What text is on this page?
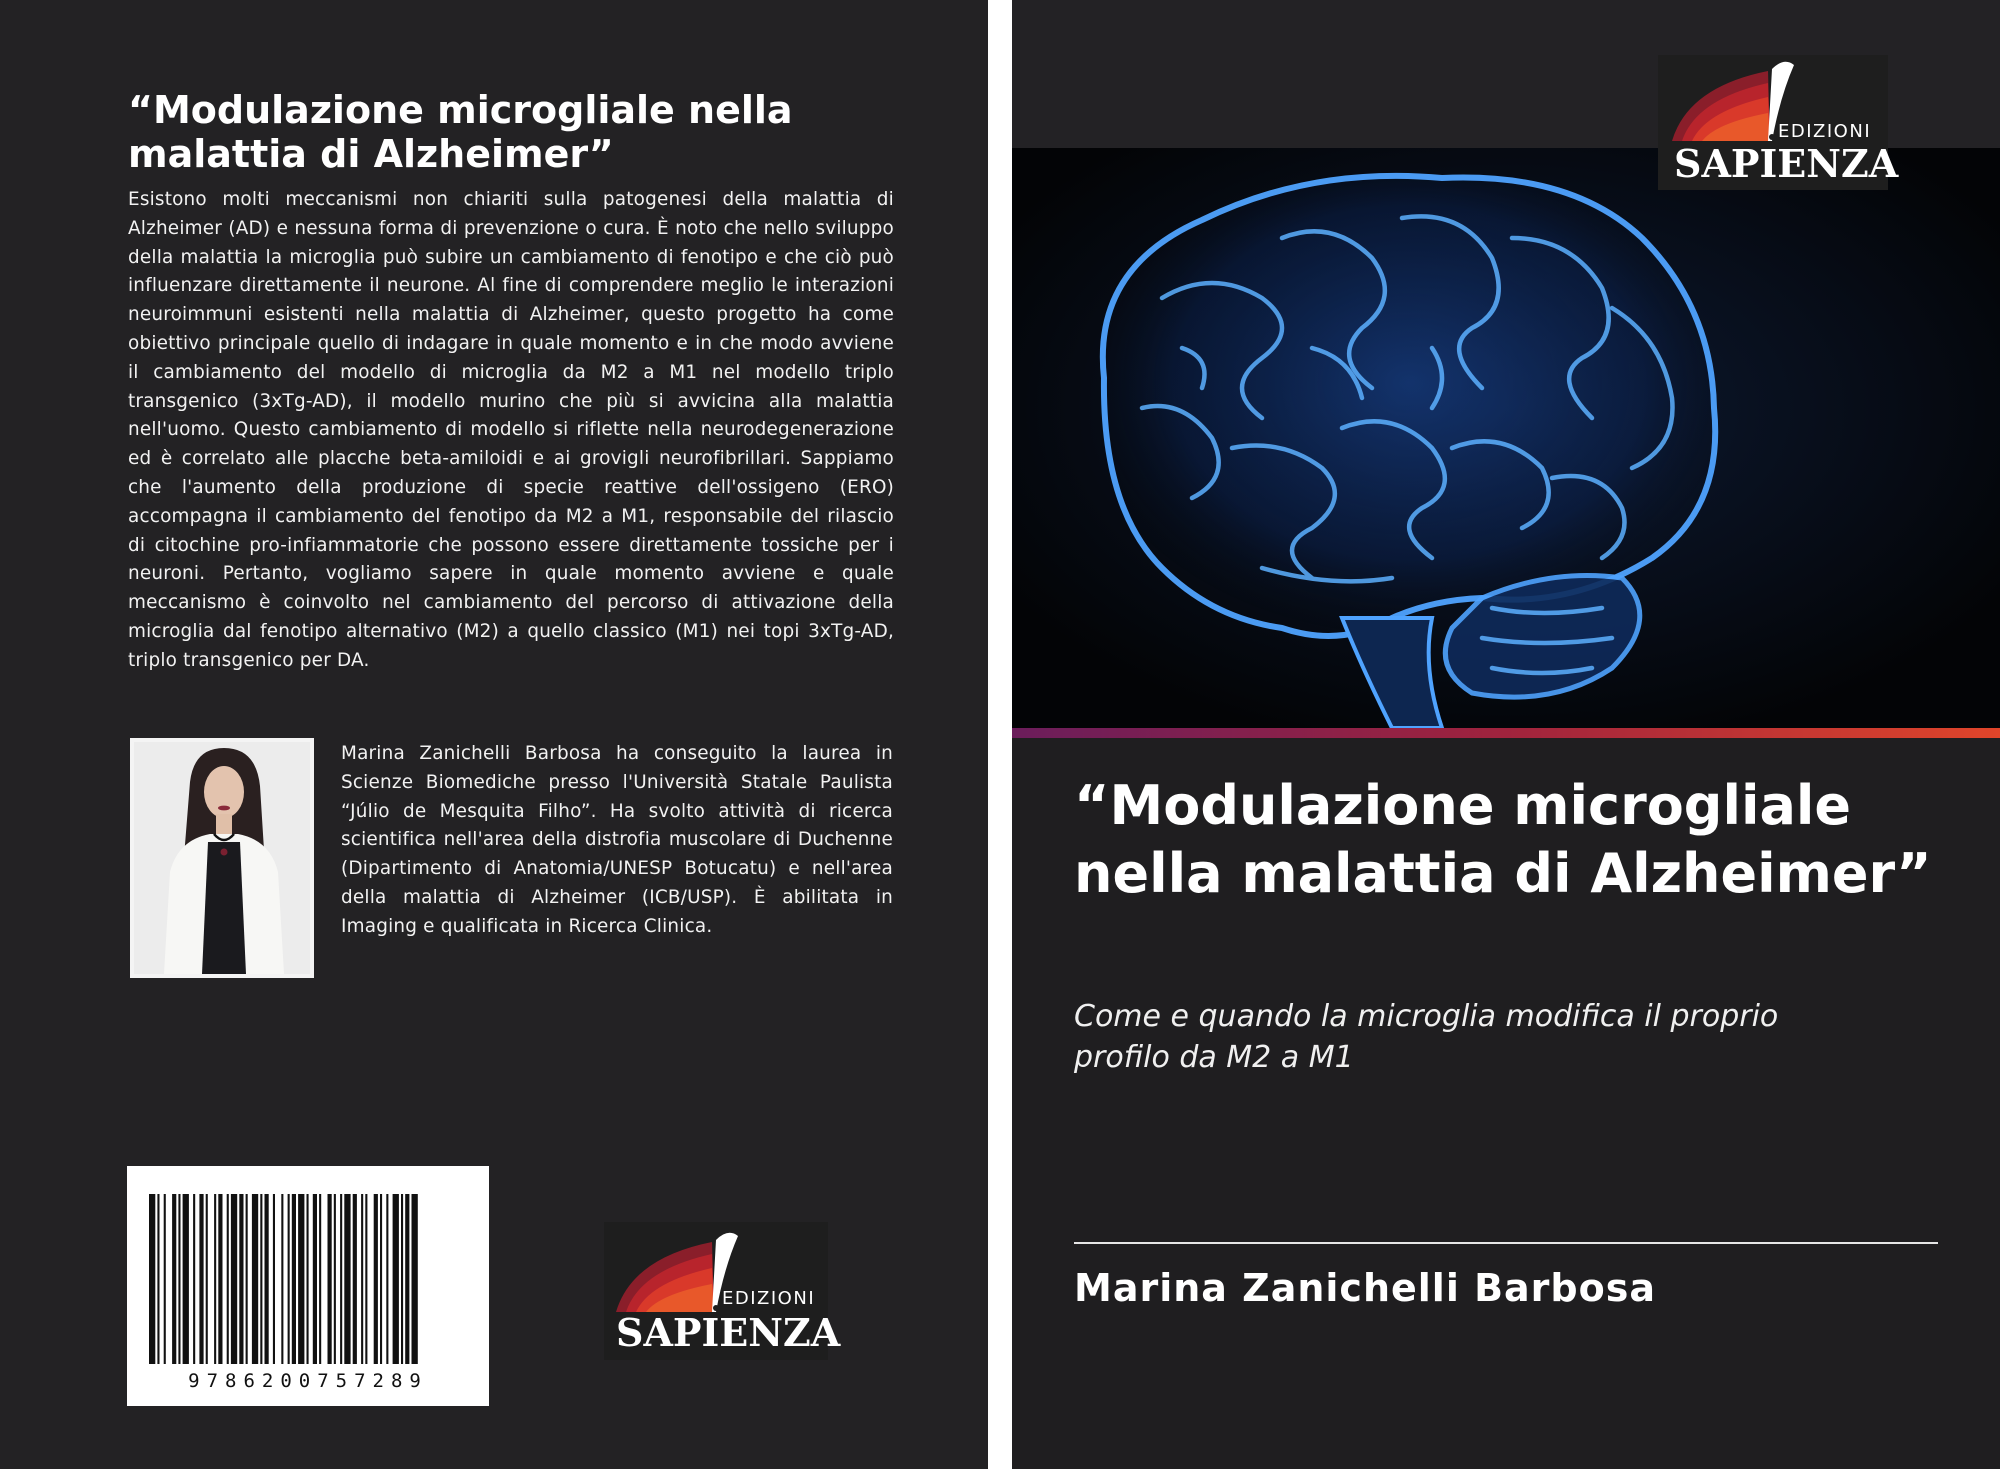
“Modulazione microgliale nella malattia di Alzheimer”
Esistono molti meccanismi non chiariti sulla patogenesi della malattia di Alzheimer (AD) e nessuna forma di prevenzione o cura. È noto che nello sviluppo della malattia la microglia può subire un cambiamento di fenotipo e che ciò può influenzare direttamente il neurone. Al fine di comprendere meglio le interazioni neuroimmuni esistenti nella malattia di Alzheimer, questo progetto ha come obiettivo principale quello di indagare in quale momento e in che modo avviene il cambiamento del modello di microglia da M2 a M1 nel modello triplo transgenico (3xTg-AD), il modello murino che più si avvicina alla malattia nell'uomo. Questo cambiamento di modello si riflette nella neurodegenerazione ed è correlato alle placche beta-amiloidi e ai grovigli neurofibrillari. Sappiamo che l'aumento della produzione di specie reattive dell'ossigeno (ERO) accompagna il cambiamento del fenotipo da M2 a M1, responsabile del rilascio di citochine pro-infiammatorie che possono essere direttamente tossiche per i neuroni. Pertanto, vogliamo sapere in quale momento avviene e quale meccanismo è coinvolto nel cambiamento del percorso di attivazione della microglia dal fenotipo alternativo (M2) a quello classico (M1) nei topi 3xTg-AD, triplo transgenico per DA.
Marina Zanichelli Barbosa ha conseguito la laurea in Scienze Biomediche presso l'Università Statale Paulista “Júlio de Mesquita Filho”. Ha svolto attività di ricerca scientifica nell'area della distrofia muscolare di Duchenne (Dipartimento di Anatomia/UNESP Botucatu) e nell'area della malattia di Alzheimer (ICB/USP). È abilitata in Imaging e qualificata in Ricerca Clinica.
9786200757289
EDIZIONI
SAPIENZA
“Modulazione microgliale nella malattia di Alzheimer”
Come e quando la microglia modifica il proprio profilo da M2 a M1
Marina Zanichelli Barbosa
EDIZIONI
SAPIENZA
